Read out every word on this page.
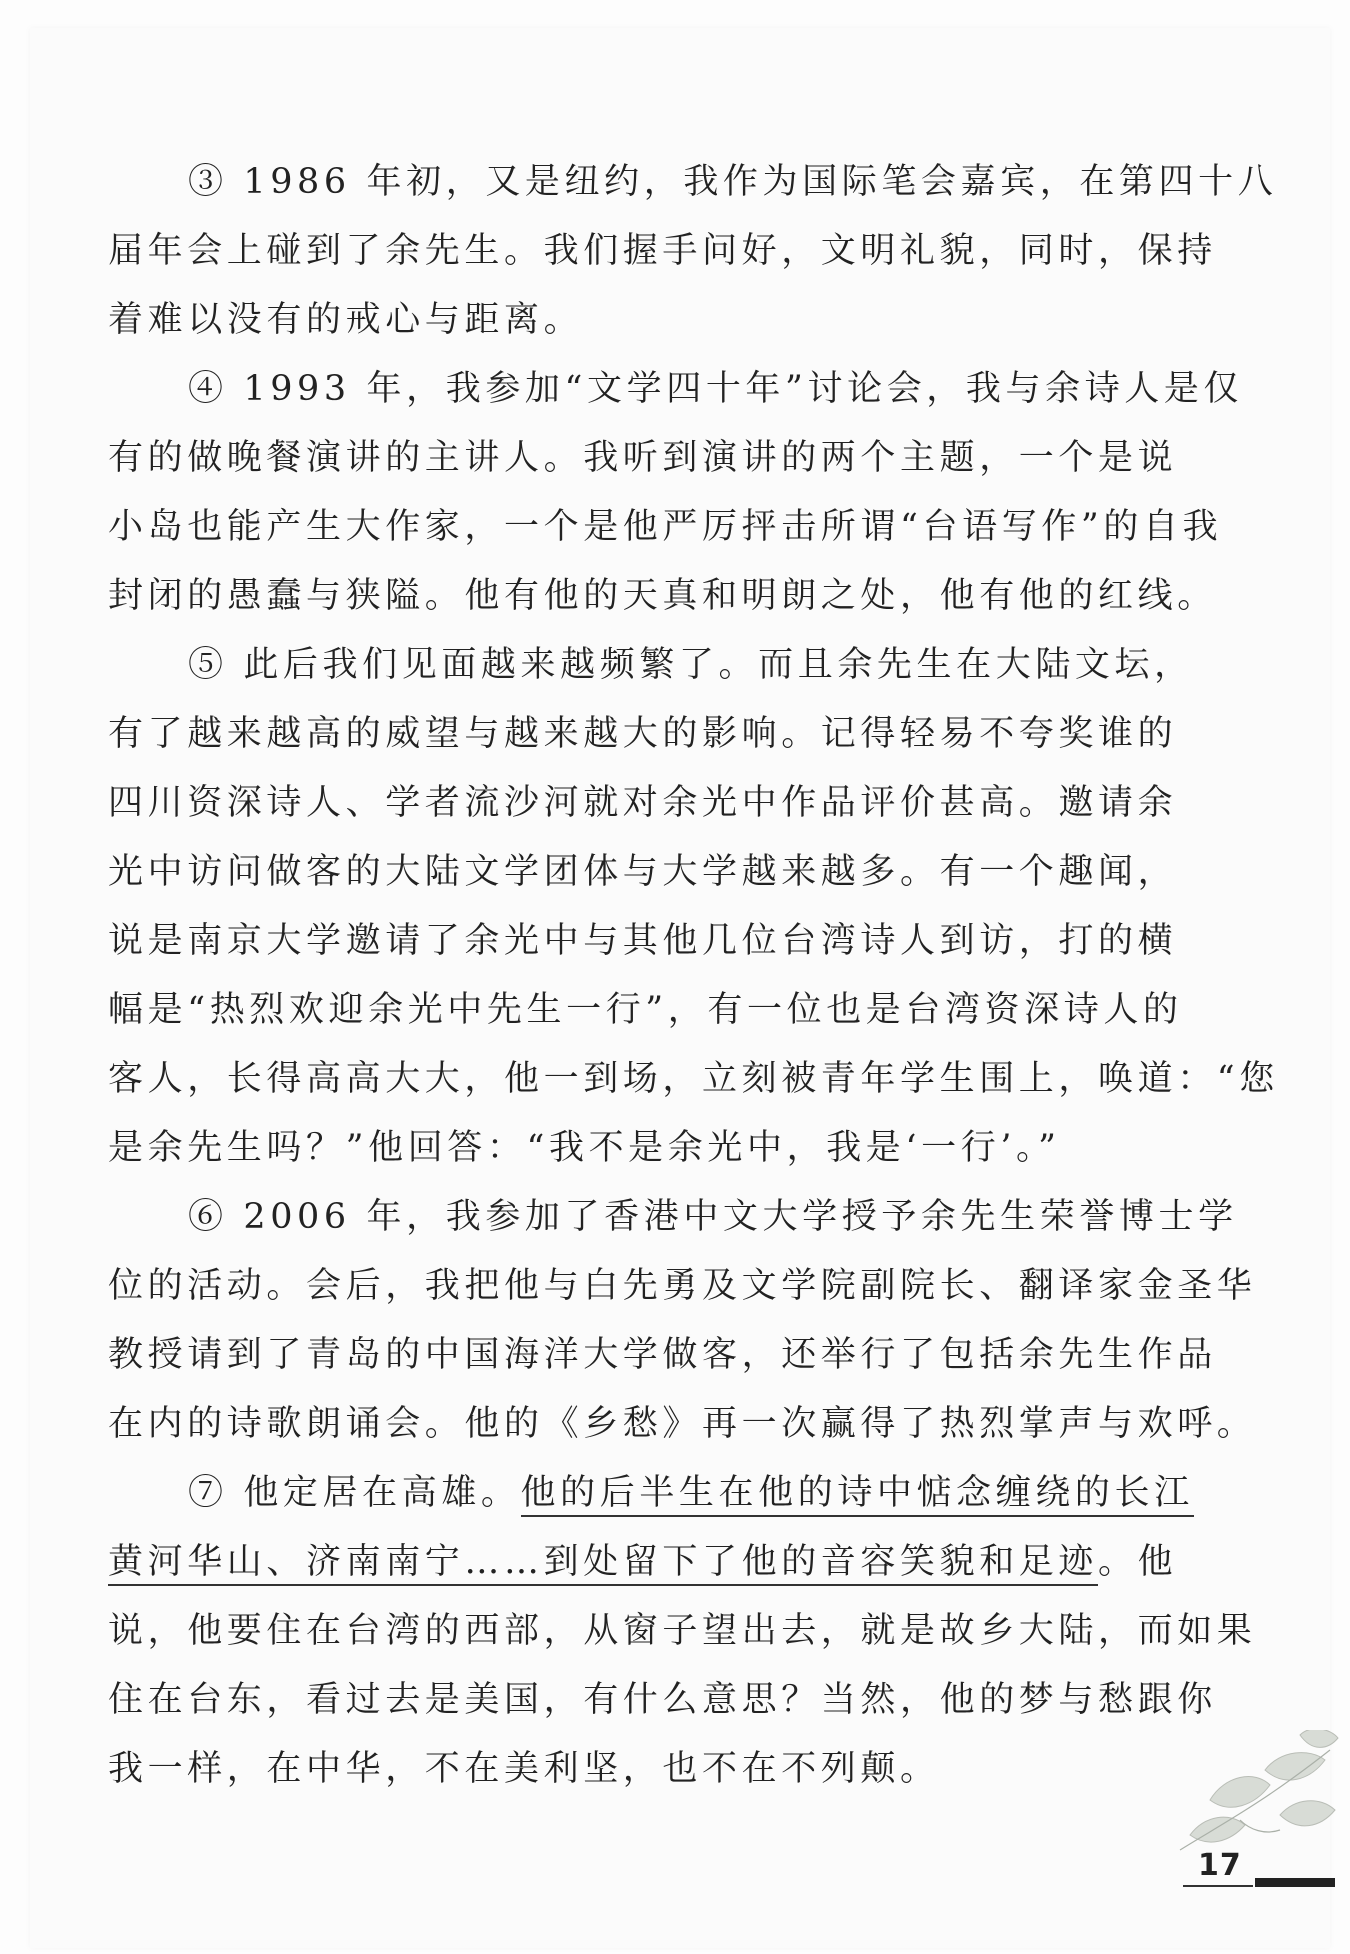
③ 1986 年初，又是纽约，我作为国际笔会嘉宾，在第四十八
届年会上碰到了余先生。我们握手问好，文明礼貌，同时，保持
着难以没有的戒心与距离。
④ 1993 年，我参加“文学四十年”讨论会，我与余诗人是仅
有的做晚餐演讲的主讲人。我听到演讲的两个主题，一个是说
小岛也能产生大作家，一个是他严厉抨击所谓“台语写作”的自我
封闭的愚蠢与狭隘。他有他的天真和明朗之处，他有他的红线。
⑤ 此后我们见面越来越频繁了。而且余先生在大陆文坛，
有了越来越高的威望与越来越大的影响。记得轻易不夸奖谁的
四川资深诗人、学者流沙河就对余光中作品评价甚高。邀请余
光中访问做客的大陆文学团体与大学越来越多。有一个趣闻，
说是南京大学邀请了余光中与其他几位台湾诗人到访，打的横
幅是“热烈欢迎余光中先生一行”，有一位也是台湾资深诗人的
客人，长得高高大大，他一到场，立刻被青年学生围上，唤道：“您
是余先生吗？”他回答：“我不是余光中，我是‘一行’。”
⑥ 2006 年，我参加了香港中文大学授予余先生荣誉博士学
位的活动。会后，我把他与白先勇及文学院副院长、翻译家金圣华
教授请到了青岛的中国海洋大学做客，还举行了包括余先生作品
在内的诗歌朗诵会。他的《乡愁》再一次赢得了热烈掌声与欢呼。
⑦ 他定居在高雄。他的后半生在他的诗中惦念缠绕的长江
黄河华山、济南南宁……到处留下了他的音容笑貌和足迹。他
说，他要住在台湾的西部，从窗子望出去，就是故乡大陆，而如果
住在台东，看过去是美国，有什么意思？当然，他的梦与愁跟你
我一样，在中华，不在美利坚，也不在不列颠。
17
